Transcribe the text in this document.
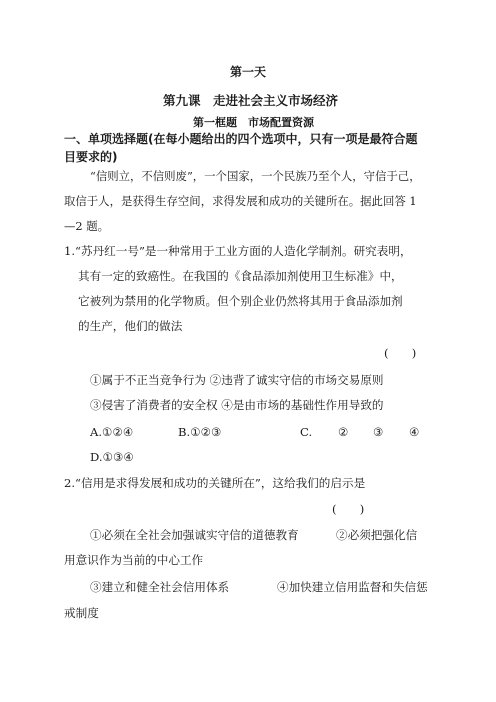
第一天
第九课　走进社会主义市场经济
第一框题　市场配置资源
一、单项选择题(在每小题给出的四个选项中，只有一项是最符合题
目要求的)
“信则立，不信则废”，一个国家，一个民族乃至个人，守信于己，
取信于人，是获得生存空间，求得发展和成功的关键所在。据此回答 1
—2 题。
1.“苏丹红一号”是一种常用于工业方面的人造化学制剂。研究表明，
其有一定的致癌性。在我国的《食品添加剂使用卫生标准》中，
它被列为禁用的化学物质。但个别企业仍然将其用于食品添加剂
的生产，他们的做法
(　　)
①属于不正当竞争行为 ②违背了诚实守信的市场交易原则
③侵害了消费者的安全权 ④是由市场的基础性作用导致的
A.①②④	B.①②③	C. ② ③ ④
D.①③④
2.“信用是求得发展和成功的关键所在”，这给我们的启示是
(　　)
①必须在全社会加强诚实守信的道德教育	②必须把强化信
用意识作为当前的中心工作
③建立和健全社会信用体系	④加快建立信用监督和失信惩
戒制度
